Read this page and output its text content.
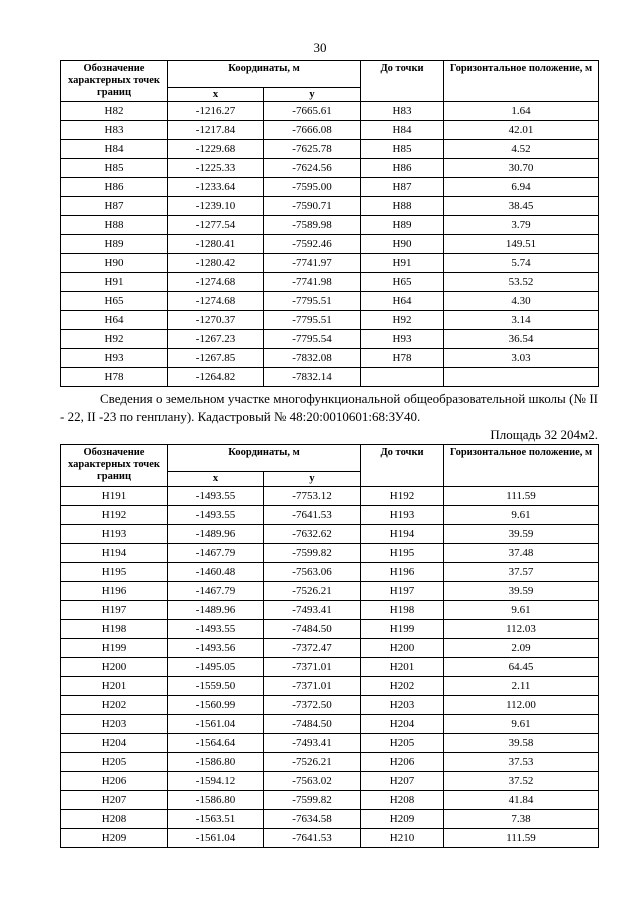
30
Обозначение характерных точек границ	Координаты, м		До точки	Горизонтальное положение, м
	x	y		
Н82	-1216.27	-7665.61	Н83	1.64
Н83	-1217.84	-7666.08	Н84	42.01
Н84	-1229.68	-7625.78	Н85	4.52
Н85	-1225.33	-7624.56	Н86	30.70
Н86	-1233.64	-7595.00	Н87	6.94
Н87	-1239.10	-7590.71	Н88	38.45
Н88	-1277.54	-7589.98	Н89	3.79
Н89	-1280.41	-7592.46	Н90	149.51
Н90	-1280.42	-7741.97	Н91	5.74
Н91	-1274.68	-7741.98	Н65	53.52
Н65	-1274.68	-7795.51	Н64	4.30
Н64	-1270.37	-7795.51	Н92	3.14
Н92	-1267.23	-7795.54	Н93	36.54
Н93	-1267.85	-7832.08	Н78	3.03
Н78	-1264.82	-7832.14		
Сведения о земельном участке многофункциональной общеобразовательной школы (№ II - 22, II -23 по генплану). Кадастровый № 48:20:0010601:68:ЗУ40.
Площадь 32 204м2.
Обозначение характерных точек границ	Координаты, м		До точки	Горизонтальное положение, м
	x	y		
Н191	-1493.55	-7753.12	Н192	111.59
Н192	-1493.55	-7641.53	Н193	9.61
Н193	-1489.96	-7632.62	Н194	39.59
Н194	-1467.79	-7599.82	Н195	37.48
Н195	-1460.48	-7563.06	Н196	37.57
Н196	-1467.79	-7526.21	Н197	39.59
Н197	-1489.96	-7493.41	Н198	9.61
Н198	-1493.55	-7484.50	Н199	112.03
Н199	-1493.56	-7372.47	Н200	2.09
Н200	-1495.05	-7371.01	Н201	64.45
Н201	-1559.50	-7371.01	Н202	2.11
Н202	-1560.99	-7372.50	Н203	112.00
Н203	-1561.04	-7484.50	Н204	9.61
Н204	-1564.64	-7493.41	Н205	39.58
Н205	-1586.80	-7526.21	Н206	37.53
Н206	-1594.12	-7563.02	Н207	37.52
Н207	-1586.80	-7599.82	Н208	41.84
Н208	-1563.51	-7634.58	Н209	7.38
Н209	-1561.04	-7641.53	Н210	111.59
